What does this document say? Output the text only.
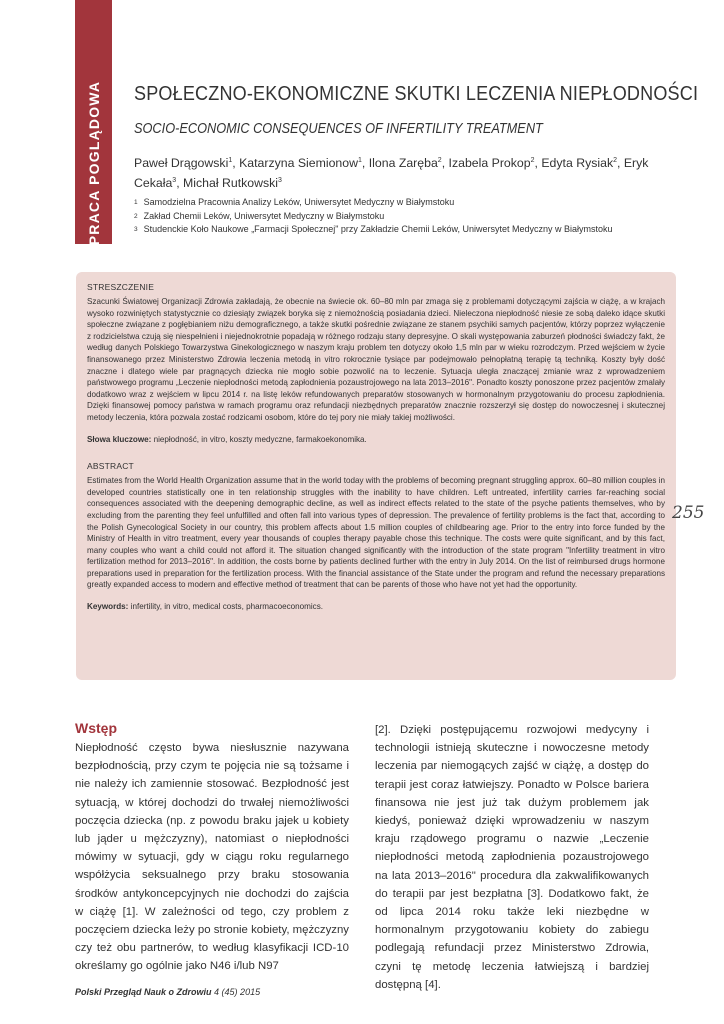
PRACA POGLĄDOWA SPOŁECZNO-EKONOMICZNE SKUTKI LECZENIA NIEPŁODNOŚCI
SOCIO-ECONOMIC CONSEQUENCES OF INFERTILITY TREATMENT
Paweł Drągowski$^1$, Katarzyna Siemionow$^1$, Ilona Zaręba$^2$, Izabela Prokop$^2$, Edyta Rysiak$^2$, Eryk Cekała$^3$, Michał Rutkowski$^3$
$^1$ Samodzielna Pracownia Analizy Leków, Uniwersytet Medyczny w Białymstoku
$^2$ Zakład Chemii Leków, Uniwersytet Medyczny w Białymstoku
$^3$ Studenckie Koło Naukowe „Farmacji Społecznej" przy Zakładzie Chemii Leków, Uniwersytet Medyczny w Białymstoku
STRESZCZENIE

Szacunki Światowej Organizacji Zdrowia zakładają, że obecnie na świecie ok. 60–80 mln par zmaga się z problemami dotyczącymi zajścia w ciążę, a w krajach wysoko rozwiniętych statystycznie co dziesiąty związek boryka się z niemożnością posiadania dzieci. Nieleczona niepłodność niesie ze sobą daleko idące skutki społeczne związane z pogłębianiem niżu demograficznego, a także skutki pośrednie związane ze stanem psychiki samych pacjentów, którzy poprzez wyłączenie z rodzicielstwa czują się niespełnieni i niejednokrotnie popadają w różnego rodzaju stany depresyjne. O skali występowania zaburzeń płodności świadczy fakt, że według danych Polskiego Towarzystwa Ginekologicznego w naszym kraju problem ten dotyczy około 1,5 mln par w wieku rozrodczym. Przed wejściem w życie finansowanego przez Ministerstwo Zdrowia leczenia metodą in vitro rokrocznie tysiące par podejmowało pełnopłatną terapię tą techniką. Koszty były dość znaczne i dlatego wiele par pragnących dziecka nie mogło sobie pozwolić na to leczenie. Sytuacja uległa znaczącej zmianie wraz z wprowadzeniem państwowego programu „Leczenie niepłodności metodą zapłodnienia pozaustrojowego na lata 2013–2016". Ponadto koszty ponoszone przez pacjentów zmalały dodatkowo wraz z wejściem w lipcu 2014 r. na listę leków refundowanych preparatów stosowanych w hormonalnym przygotowaniu do procesu zapłodnienia. Dzięki finansowej pomocy państwa w ramach programu oraz refundacji niezbędnych preparatów znacznie rozszerzył się dostęp do nowoczesnej i skutecznej metody leczenia, która pozwala zostać rodzicami osobom, które do tej pory nie miały takiej możliwości.

Słowa kluczowe: niepłodność, in vitro, koszty medyczne, farmakoekonomika.
ABSTRACT

Estimates from the World Health Organization assume that in the world today with the problems of becoming pregnant struggling approx. 60–80 million couples in developed countries statistically one in ten relationship struggles with the inability to have children. Left untreated, infertility carries far-reaching social consequences associated with the deepening demographic decline, as well as indirect effects related to the state of the psyche patients themselves, who by excluding from the parenting they feel unfulfilled and often fall into various types of depression. The prevalence of fertility problems is the fact that, according to the Polish Gynecological Society in our country, this problem affects about 1.5 million couples of childbearing age. Prior to the entry into force funded by the Ministry of Health in vitro treatment, every year thousands of couples therapy payable chose this technique. The costs were quite significant, and by this fact, many couples who want a child could not afford it. The situation changed significantly with the introduction of the state program "Infertility treatment in vitro fertilization method for 2013–2016". In addition, the costs borne by patients declined further with the entry in July 2014. On the list of reimbursed drugs hormone preparations used in preparation for the fertilization process. With the financial assistance of the State under the program and refund the necessary preparations greatly expanded access to modern and effective method of treatment that can be parents of those who have not yet had the opportunity.

Keywords: infertility, in vitro, medical costs, pharmacoeconomics.
255
Wstęp

Niepłodność często bywa niesłusznie nazywana bezpłodnością, przy czym te pojęcia nie są tożsame i nie należy ich zamiennie stosować. Bezpłodność jest sytuacją, w której dochodzi do trwałej niemożliwości poczęcia dziecka (np. z powodu braku jajek u kobiety lub jąder u mężczyzny), natomiast o niepłodności mówimy w sytuacji, gdy w ciągu roku regularnego współżycia seksualnego przy braku stosowania środków antykoncepcyjnych nie dochodzi do zajścia w ciążę [1]. W zależności od tego, czy problem z poczęciem dziecka leży po stronie kobiety, mężczyzny czy też obu partnerów, to według klasyfikacji ICD-10 określamy go ogólnie jako N46 i/lub N97

[2]. Dzięki postępującemu rozwojowi medycyny i technologii istnieją skuteczne i nowoczesne metody leczenia par niemogących zajść w ciążę, a dostęp do terapii jest coraz łatwiejszy. Ponadto w Polsce bariera finansowa nie jest już tak dużym problemem jak kiedyś, ponieważ dzięki wprowadzeniu w naszym kraju rządowego programu o nazwie „Leczenie niepłodności metodą zapłodnienia pozaustrojowego na lata 2013–2016" procedura dla zakwalifikowanych do terapii par jest bezpłatna [3]. Dodatkowo fakt, że od lipca 2014 roku także leki niezbędne w hormonalnym przygotowaniu kobiety do zabiegu podlegają refundacji przez Ministerstwo Zdrowia, czyni tę metodę leczenia łatwiejszą i bardziej dostępną [4].

Polski Przegląd Nauk o Zdrowiu 4 (45) 2015
